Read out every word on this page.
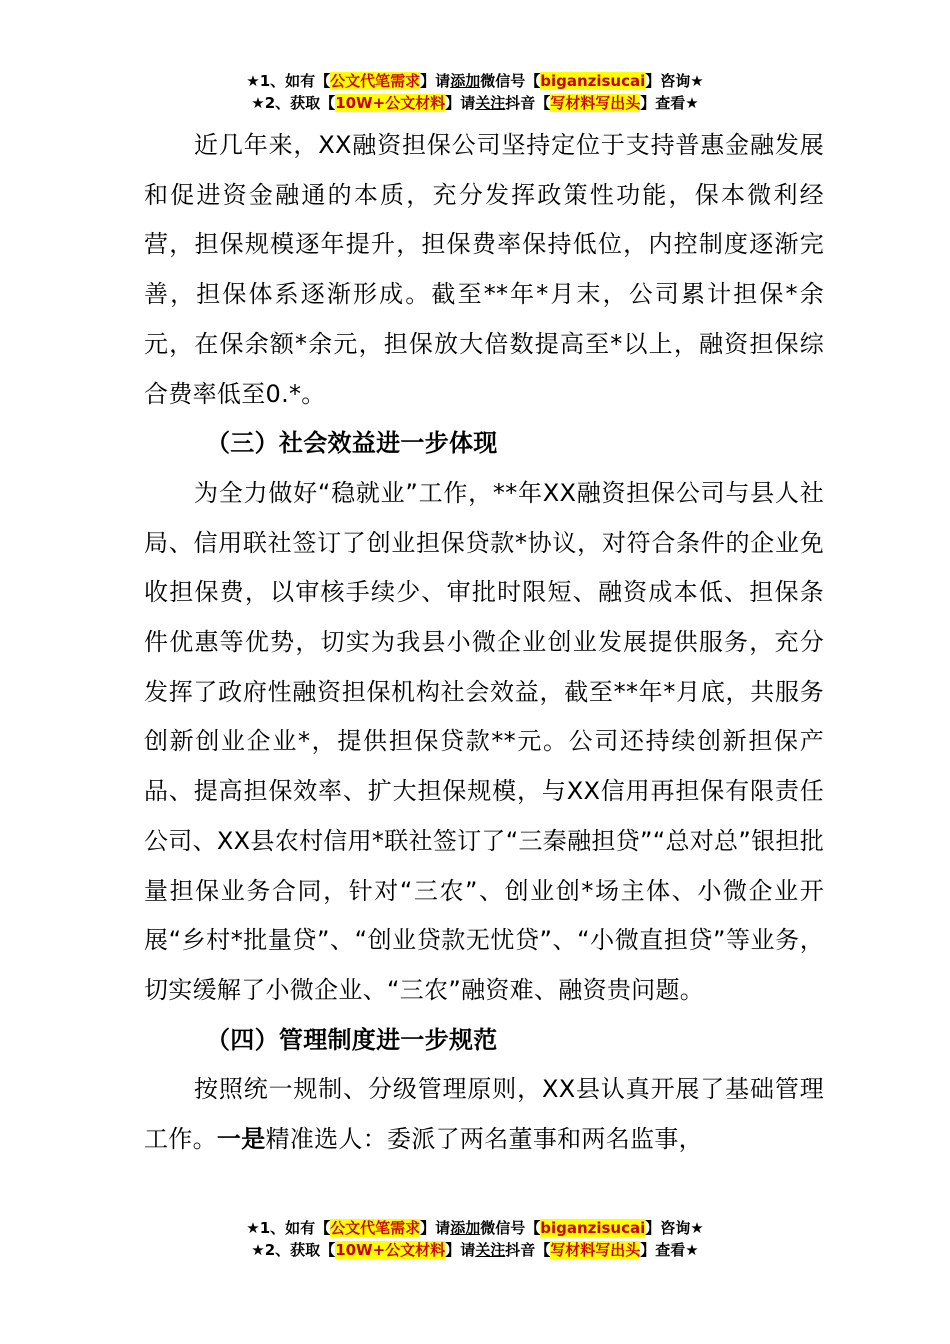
★1、如有【公文代笔需求】请添加微信号【biganzisucai】咨询★
★2、获取【10W+公文材料】请关注抖音【写材料写出头】查看★

近几年来，XX融资担保公司坚持定位于支持普惠金融发展和促进资金融通的本质，充分发挥政策性功能，保本微利经营，担保规模逐年提升，担保费率保持低位，内控制度逐渐完善，担保体系逐渐形成。截至**年*月末，公司累计担保*余元，在保余额*余元，担保放大倍数提高至*以上，融资担保综合费率低至0.*。

（三）社会效益进一步体现

为全力做好“稳就业”工作，**年XX融资担保公司与县人社局、信用联社签订了创业担保贷款*协议，对符合条件的企业免收担保费，以审核手续少、审批时限短、融资成本低、担保条件优惠等优势，切实为我县小微企业创业发展提供服务，充分发挥了政府性融资担保机构社会效益，截至**年*月底，共服务创新创业企业*，提供担保贷款**元。公司还持续创新担保产品、提高担保效率、扩大担保规模，与XX信用再担保有限责任公司、XX县农村信用*联社签订了“三秦融担贷”“总对总”银担批量担保业务合同，针对“三农”、创业创*场主体、小微企业开展“乡村*批量贷”、“创业贷款无忧贷”、“小微直担贷”等业务，切实缓解了小微企业、“三农”融资难、融资贵问题。

（四）管理制度进一步规范

按照统一规制、分级管理原则，XX县认真开展了基础管理工作。一是精准选人：委派了两名董事和两名监事，

★1、如有【公文代笔需求】请添加微信号【biganzisucai】咨询★
★2、获取【10W+公文材料】请关注抖音【写材料写出头】查看★
